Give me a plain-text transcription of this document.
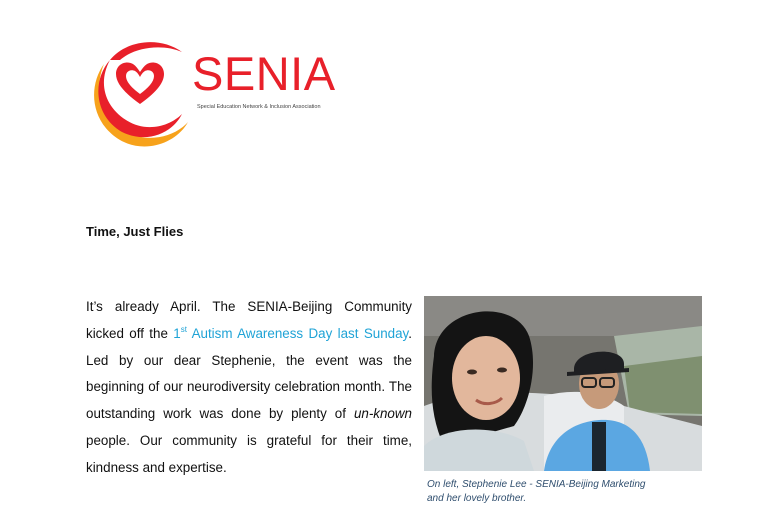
SENIA
Special Education Network & Inclusion Association
Time, Just Flies
It’s already April. The SENIA-Beijing Community kicked off the 1st Autism Awareness Day last Sunday. Led by our dear Stephenie, the event was the beginning of our neurodiversity celebration month. The outstanding work was done by plenty of un-known people. Our community is grateful for their time, kindness and expertise.
On left, Stephenie Lee - SENIA-Beijing Marketing and her lovely brother.
